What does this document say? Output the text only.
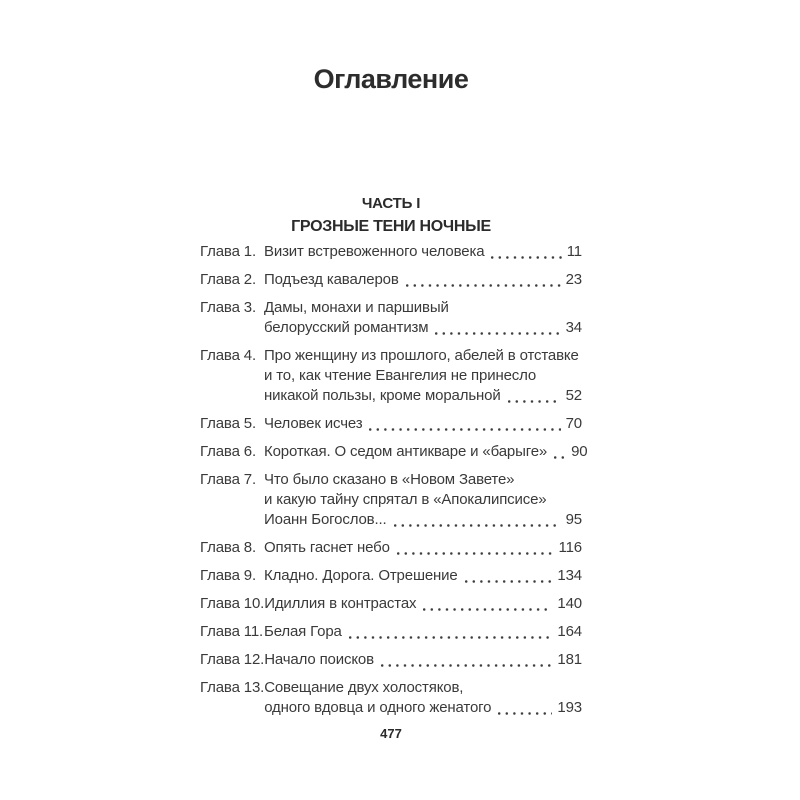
Оглавление
ЧАСТЬ I
ГРОЗНЫЕ ТЕНИ НОЧНЫЕ
Глава 1. Визит встревоженного человека	11
Глава 2. Подъезд кавалеров	23
Глава 3. Дамы, монахи и паршивый
белорусский романтизм	34
Глава 4. Про женщину из прошлого, абелей в отставке
и то, как чтение Евангелия не принесло
никакой пользы, кроме моральной	52
Глава 5. Человек исчез	70
Глава 6. Короткая. О седом антикваре и «барыге» 90
Глава 7. Что было сказано в «Новом Завете»
и какую тайну спрятал в «Апокалипсисе»
Иоанн Богослов...	95
Глава 8. Опять гаснет небо	116
Глава 9. Кладно. Дорога. Отрешение	134
Глава 10. Идиллия в контрастах	140
Глава 11. Белая Гора	164
Глава 12. Начало поисков	181
Глава 13. Совещание двух холостяков,
одного вдовца и одного женатого	193
477
